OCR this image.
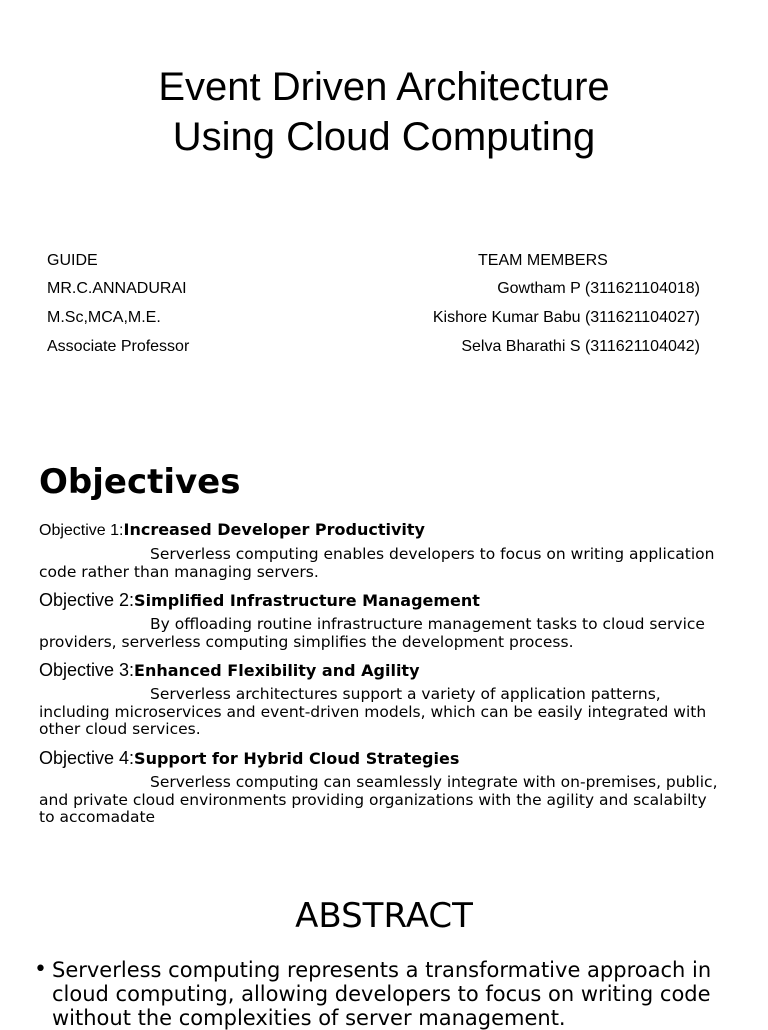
Event Driven Architecture
Using Cloud Computing
GUIDE
MR.C.ANNADURAI
M.Sc,MCA,M.E.
Associate Professor
TEAM MEMBERS
Gowtham P (311621104018)
Kishore Kumar Babu (311621104027)
Selva Bharathi S (311621104042)
Objectives
Objective 1:Increased Developer Productivity
Serverless computing enables developers to focus on writing application code rather than managing servers.
Objective 2:Simplified Infrastructure Management
By offloading routine infrastructure management tasks to cloud service providers, serverless computing simplifies the development process.
Objective 3:Enhanced Flexibility and Agility
Serverless architectures support a variety of application patterns, including microservices and event-driven models, which can be easily integrated with other cloud services.
Objective 4:Support for Hybrid Cloud Strategies
Serverless computing can seamlessly integrate with on-premises, public, and private cloud environments providing organizations with the agility and scalabilty to accomadate
ABSTRACT
• Serverless computing represents a transformative approach in cloud computing, allowing developers to focus on writing code without the complexities of server management.
